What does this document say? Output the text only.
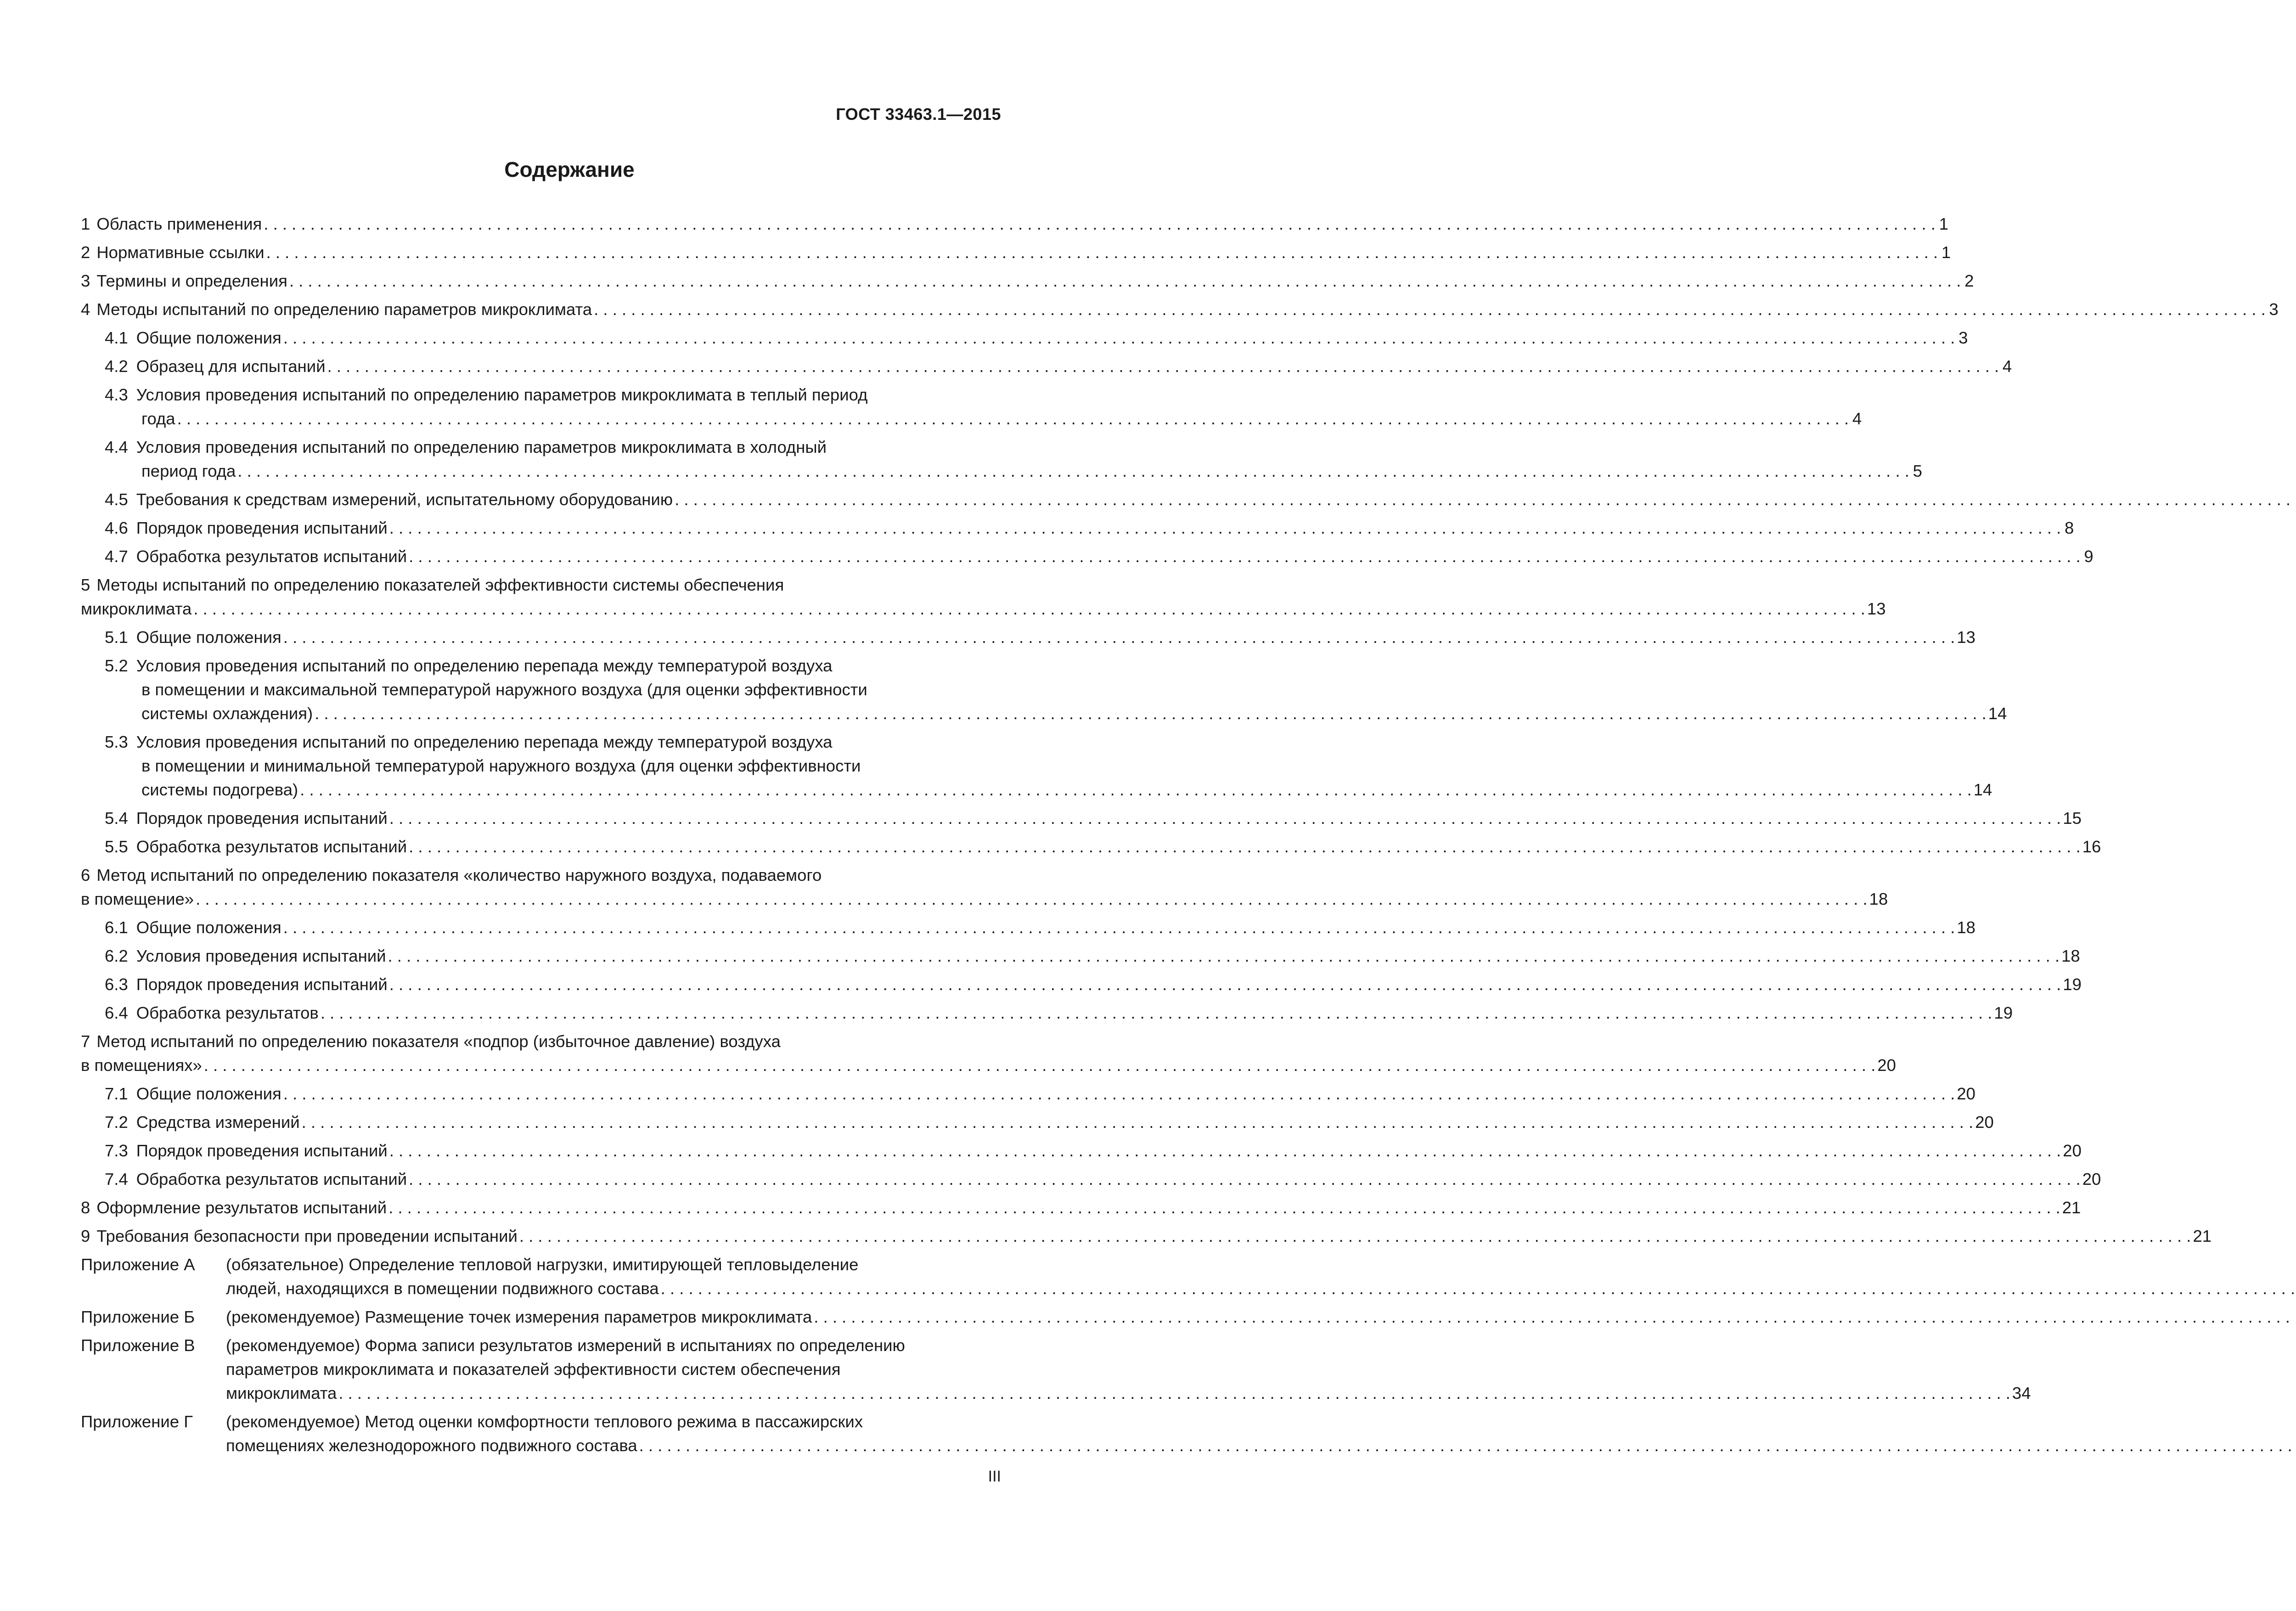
ГОСТ 33463.1—2015
Содержание
1 Область применения . . .	1
2 Нормативные ссылки . . .	1
3 Термины и определения . . .	2
4 Методы испытаний по определению параметров микроклимата . . .	3
4.1 Общие положения . . .	3
4.2 Образец для испытаний . . .	4
4.3 Условия проведения испытаний по определению параметров микроклимата в теплый период
года . . .	4
4.4 Условия проведения испытаний по определению параметров микроклимата в холодный
период года . . .	5
4.5 Требования к средствам измерений, испытательному оборудованию
. . .
4.6 Порядок проведения испытаний . . .	8
4.7 Обработка результатов испытаний . . .	9
5 Методы испытаний по определению показателей эффективности системы обеспечения
микроклимата . . .	13
5.1 Общие положения . . .	13
5.2 Условия проведения испытаний по определению перепада между температурой воздуха
в помещении и максимальной температурой наружного воздуха (для оценки эффективности
системы охлаждения) . . .	14
5.3 Условия проведения испытаний по определению перепада между температурой воздуха
в помещении и минимальной температурой наружного воздуха (для оценки эффективности
системы подогрева) . . .	14
5.4 Порядок проведения испытаний . . .	15
5.5 Обработка результатов испытаний . . .	16
6 Метод испытаний по определению показателя «количество наружного воздуха, подаваемого
в помещение» . . .	18
6.1 Общие положения . . .	18
6.2 Условия проведения испытаний . . .	18
6.3 Порядок проведения испытаний . . .	19
6.4 Обработка результатов . . .	19
7 Метод испытаний по определению показателя «подпор (избыточное давление) воздуха
в помещениях» . . .	20
7.1 Общие положения . . .	20
7.2 Средства измерений . . .	20
7.3 Порядок проведения испытаний . . .	20
7.4 Обработка результатов испытаний . . .	20
8 Оформление результатов испытаний . . .	21
9 Требования безопасности при проведении испытаний . . .	21
Приложение А	(обязательное) Определение тепловой нагрузки, имитирующей тепловыделение
людей, находящихся в помещении подвижного состава
. . .
Приложение Б	(рекомендуемое) Размещение точек измерения параметров микроклимата
. . .
Приложение В	(рекомендуемое) Форма записи результатов измерений в испытаниях по определению
параметров микроклимата и показателей эффективности систем обеспечения
микроклимата . . .	34
Приложение Г	(рекомендуемое) Метод оценки комфортности теплового режима в пассажирских
помещениях железнодорожного подвижного состава
. . .
III
